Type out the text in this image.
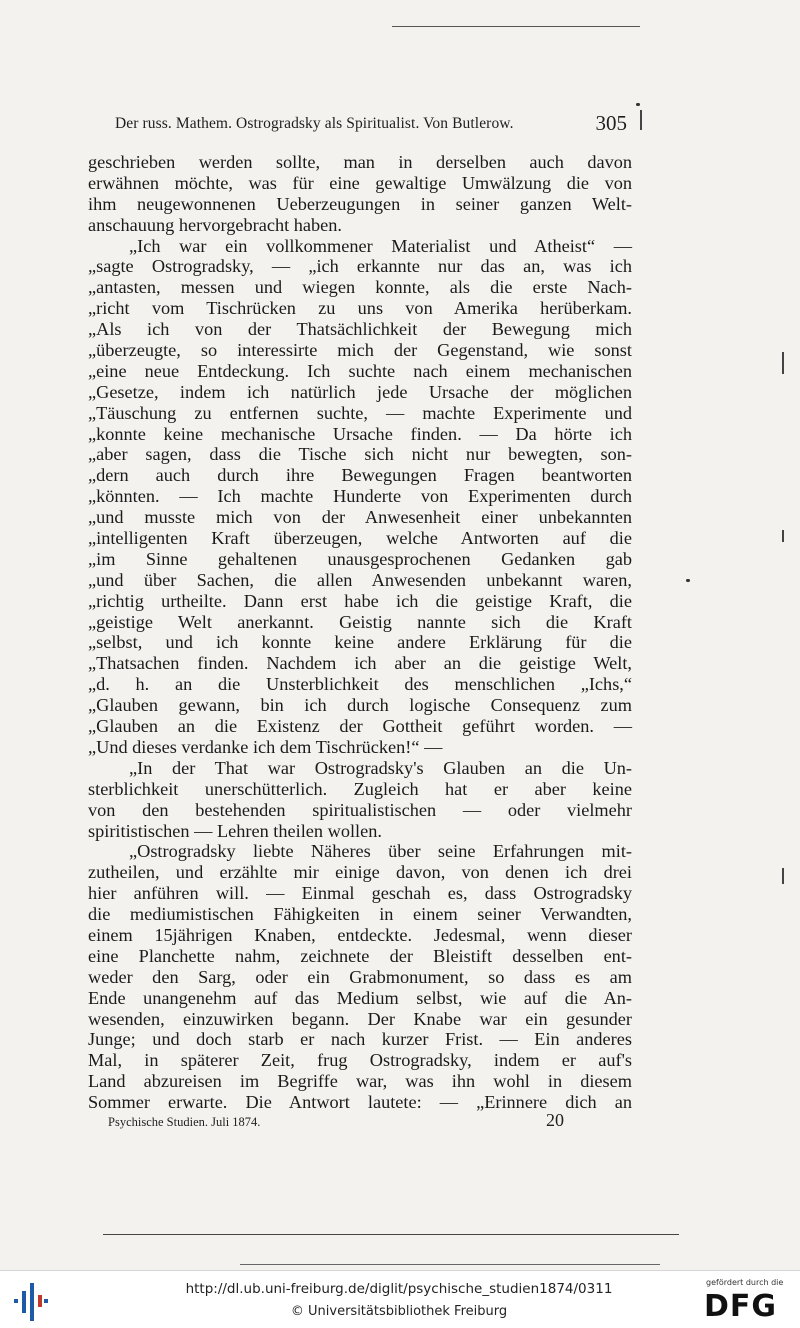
Der russ. Mathem. Ostrogradsky als Spiritualist. Von Butlerow.	305
geschrieben werden sollte, man in derselben auch davon
erwähnen möchte, was für eine gewaltige Umwälzung die von
ihm neugewonnenen Ueberzeugungen in seiner ganzen Welt-
anschauung hervorgebracht haben.
„Ich war ein vollkommener Materialist und Atheist“ —
„sagte Ostrogradsky, — „ich erkannte nur das an, was ich
„antasten, messen und wiegen konnte, als die erste Nach-
„richt vom Tischrücken zu uns von Amerika herüberkam.
„Als ich von der Thatsächlichkeit der Bewegung mich
„überzeugte, so interessirte mich der Gegenstand, wie sonst
„eine neue Entdeckung. Ich suchte nach einem mechanischen
„Gesetze, indem ich natürlich jede Ursache der möglichen
„Täuschung zu entfernen suchte, — machte Experimente und
„konnte keine mechanische Ursache finden. — Da hörte ich
„aber sagen, dass die Tische sich nicht nur bewegten, son-
„dern auch durch ihre Bewegungen Fragen beantworten
„könnten. — Ich machte Hunderte von Experimenten durch
„und musste mich von der Anwesenheit einer unbekannten
„intelligenten Kraft überzeugen, welche Antworten auf die
„im Sinne gehaltenen unausgesprochenen Gedanken gab
„und über Sachen, die allen Anwesenden unbekannt waren,
„richtig urtheilte. Dann erst habe ich die geistige Kraft, die
„geistige Welt anerkannt. Geistig nannte sich die Kraft
„selbst, und ich konnte keine andere Erklärung für die
„Thatsachen finden. Nachdem ich aber an die geistige Welt,
„d. h. an die Unsterblichkeit des menschlichen „Ichs,“
„Glauben gewann, bin ich durch logische Consequenz zum
„Glauben an die Existenz der Gottheit geführt worden. —
„Und dieses verdanke ich dem Tischrücken!“ —
„In der That war Ostrogradsky's Glauben an die Un-
sterblichkeit unerschütterlich. Zugleich hat er aber keine
von den bestehenden spiritualistischen — oder vielmehr
spiritistischen — Lehren theilen wollen.
„Ostrogradsky liebte Näheres über seine Erfahrungen mit-
zutheilen, und erzählte mir einige davon, von denen ich drei
hier anführen will. — Einmal geschah es, dass Ostrogradsky
die mediumistischen Fähigkeiten in einem seiner Verwandten,
einem 15jährigen Knaben, entdeckte. Jedesmal, wenn dieser
eine Planchette nahm, zeichnete der Bleistift desselben ent-
weder den Sarg, oder ein Grabmonument, so dass es am
Ende unangenehm auf das Medium selbst, wie auf die An-
wesenden, einzuwirken begann. Der Knabe war ein gesunder
Junge; und doch starb er nach kurzer Frist. — Ein anderes
Mal, in späterer Zeit, frug Ostrogradsky, indem er auf's
Land abzureisen im Begriffe war, was ihn wohl in diesem
Sommer erwarte. Die Antwort lautete: — „Erinnere dich an
Psychische Studien. Juli 1874.	20
http://dl.ub.uni-freiburg.de/diglit/psychische_studien1874/0311
© Universitätsbibliothek Freiburg
gefördert durch die
DFG
